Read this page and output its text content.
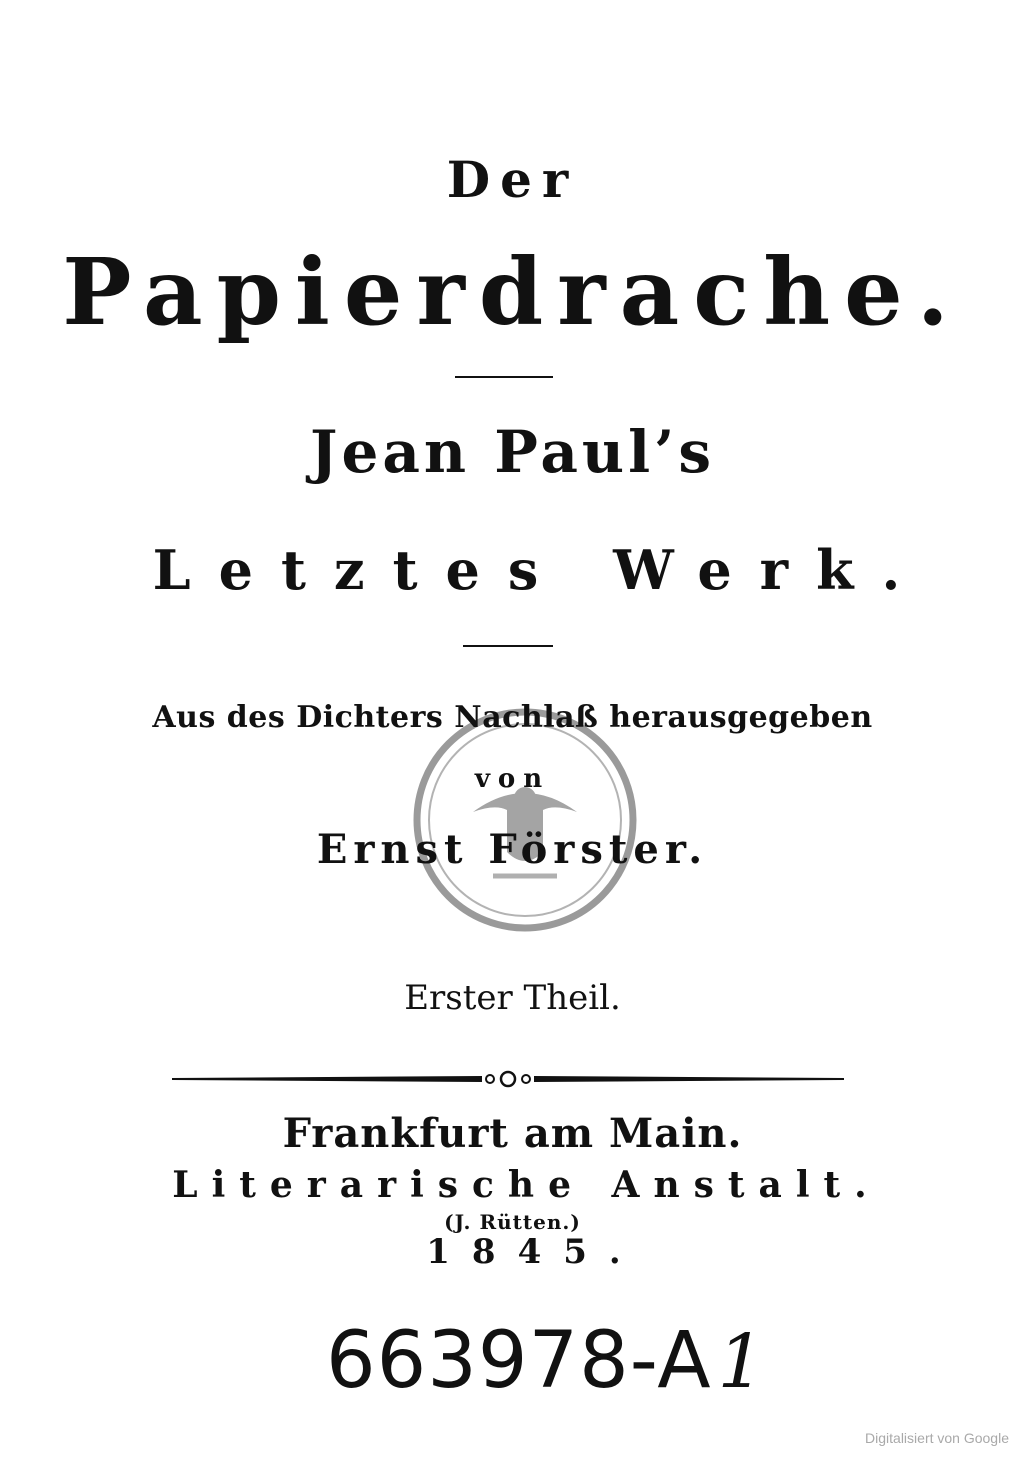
Der
Papierdrache.
Jean Paul’s
Letztes Werk.
Aus des Dichters Nachlaß herausgegeben
von
Ernst Förster.
Erster Theil.
Frankfurt am Main.
Literarische Anstalt.
(J. Rütten.)
1845.
663978-A1
Digitalisiert von Google
